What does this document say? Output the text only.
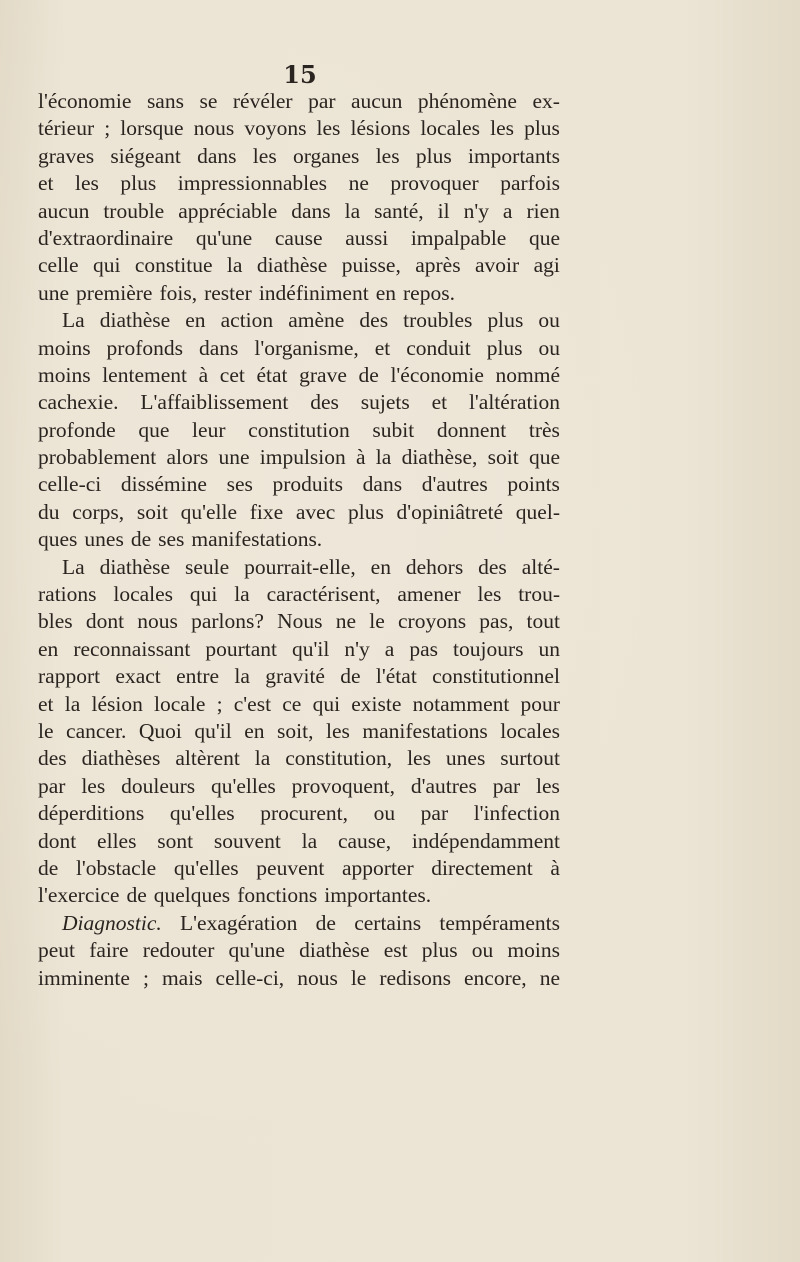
15
l'économie sans se révéler par aucun phénomène ex-
térieur ; lorsque nous voyons les lésions locales les plus
graves siégeant dans les organes les plus importants
et les plus impressionnables ne provoquer parfois
aucun trouble appréciable dans la santé, il n'y a rien
d'extraordinaire qu'une cause aussi impalpable que
celle qui constitue la diathèse puisse, après avoir agi
une première fois, rester indéfiniment en repos.
La diathèse en action amène des troubles plus ou
moins profonds dans l'organisme, et conduit plus ou
moins lentement à cet état grave de l'économie nommé
cachexie. L'affaiblissement des sujets et l'altération
profonde que leur constitution subit donnent très
probablement alors une impulsion à la diathèse, soit que
celle-ci dissémine ses produits dans d'autres points
du corps, soit qu'elle fixe avec plus d'opiniâtreté quel-
ques unes de ses manifestations.
La diathèse seule pourrait-elle, en dehors des alté-
rations locales qui la caractérisent, amener les trou-
bles dont nous parlons? Nous ne le croyons pas, tout
en reconnaissant pourtant qu'il n'y a pas toujours un
rapport exact entre la gravité de l'état constitutionnel
et la lésion locale ; c'est ce qui existe notamment pour
le cancer. Quoi qu'il en soit, les manifestations locales
des diathèses altèrent la constitution, les unes surtout
par les douleurs qu'elles provoquent, d'autres par les
déperditions qu'elles procurent, ou par l'infection
dont elles sont souvent la cause, indépendamment
de l'obstacle qu'elles peuvent apporter directement à
l'exercice de quelques fonctions importantes.
Diagnostic. L'exagération de certains tempéraments
peut faire redouter qu'une diathèse est plus ou moins
imminente ; mais celle-ci, nous le redisons encore, ne
